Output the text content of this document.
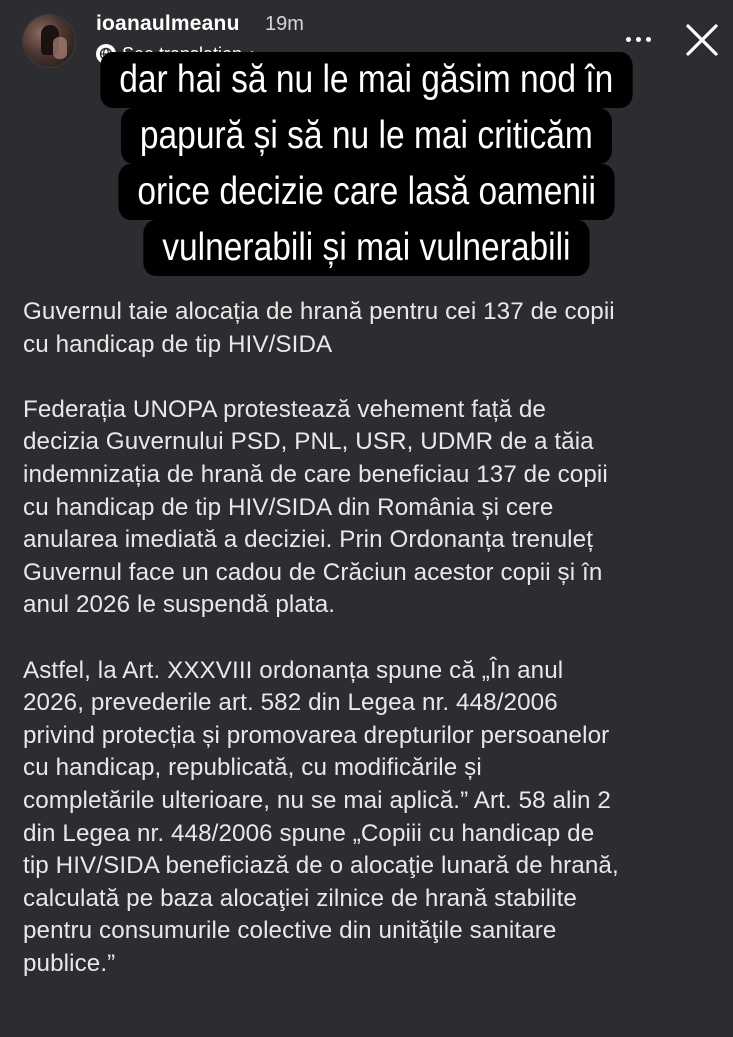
ioanaulmeanu 19m
dar hai să nu le mai găsim nod în
papură și să nu le mai criticăm
orice decizie care lasă oamenii
vulnerabili și mai vulnerabili

Guvernul taie alocația de hrană pentru cei 137 de copii
cu handicap de tip HIV/SIDA

Federația UNOPA protestează vehement față de
decizia Guvernului PSD, PNL, USR, UDMR de a tăia
indemnizația de hrană de care beneficiau 137 de copii
cu handicap de tip HIV/SIDA din România și cere
anularea imediată a deciziei. Prin Ordonanța trenuleț
Guvernul face un cadou de Crăciun acestor copii și în
anul 2026 le suspendă plata.

Astfel, la Art. XXXVIII ordonanța spune că „În anul
2026, prevederile art. 582 din Legea nr. 448/2006
privind protecția și promovarea drepturilor persoanelor
cu handicap, republicată, cu modificările și
completările ulterioare, nu se mai aplică.” Art. 58 alin 2
din Legea nr. 448/2006 spune „Copiii cu handicap de
tip HIV/SIDA beneficiază de o alocaţie lunară de hrană,
calculată pe baza alocaţiei zilnice de hrană stabilite
pentru consumurile colective din unităţile sanitare
publice.”
